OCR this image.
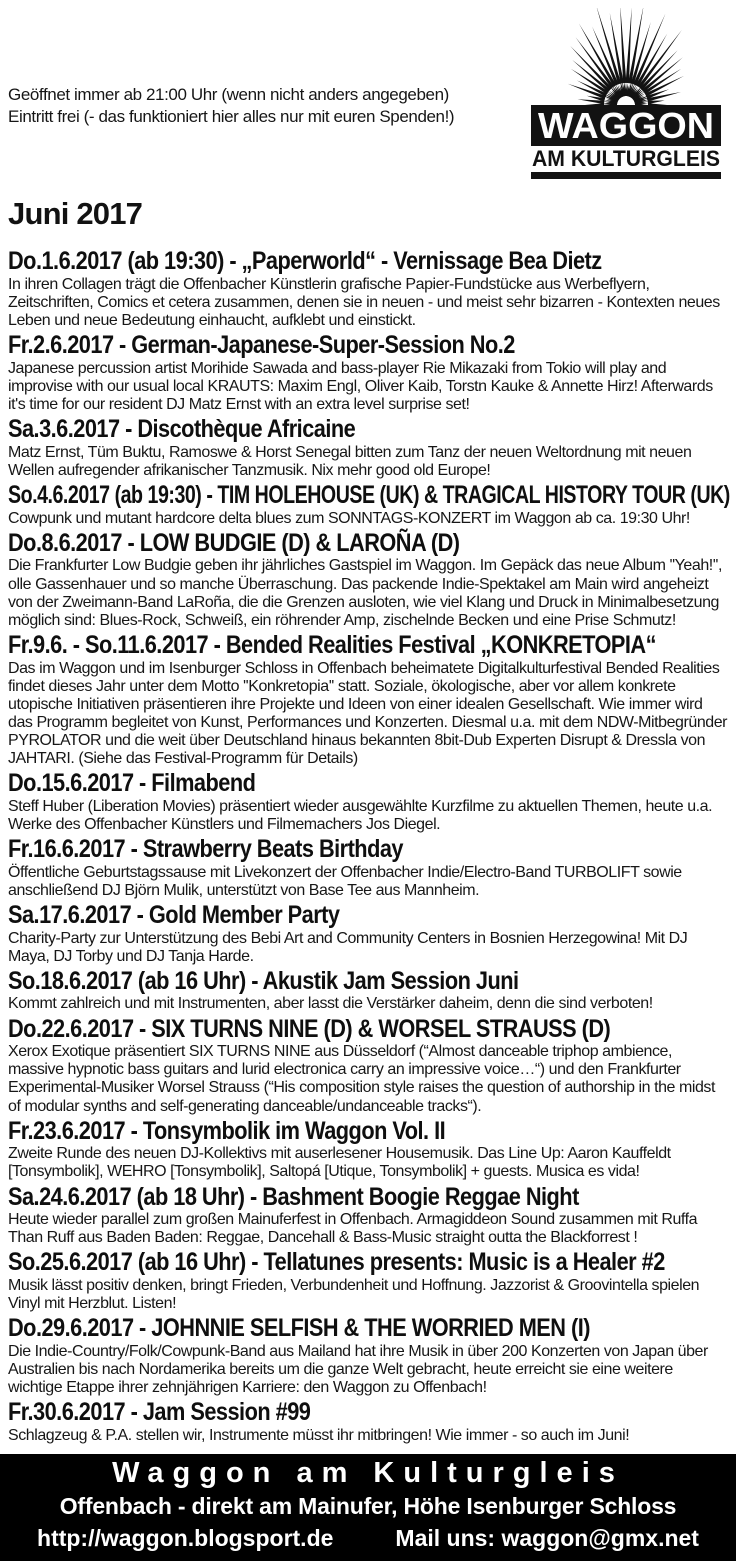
Geöffnet immer ab 21:00 Uhr (wenn nicht anders angegeben)
Eintritt frei (- das funktioniert hier alles nur mit euren Spenden!) WAGGON
AM KULTURGLEIS
Juni 2017
Do.1.6.2017 (ab 19:30) - „Paperworld“ - Vernissage Bea Dietz

In ihren Collagen trägt die Offenbacher Künstlerin grafische Papier-Fundstücke aus Werbeflyern, Zeitschriften, Comics et cetera zusammen, denen sie in neuen - und meist sehr bizarren - Kontexten neues Leben und neue Bedeutung einhaucht, aufklebt und einstickt.

Fr.2.6.2017 - German-Japanese-Super-Session No.2

Japanese percussion artist Morihide Sawada and bass-player Rie Mikazaki from Tokio will play and improvise with our usual local KRAUTS: Maxim Engl, Oliver Kaib, Torstn Kauke & Annette Hirz! Afterwards it's time for our resident DJ Matz Ernst with an extra level surprise set!

Sa.3.6.2017 - Discothèque Africaine

Matz Ernst, Tüm Buktu, Ramoswe & Horst Senegal bitten zum Tanz der neuen Weltordnung mit neuen Wellen aufregender afrikanischer Tanzmusik. Nix mehr good old Europe!

So.4.6.2017 (ab 19:30) - TIM HOLEHOUSE (UK) & TRAGICAL HISTORY TOUR (UK)

Cowpunk und mutant hardcore delta blues zum SONNTAGS-KONZERT im Waggon ab ca. 19:30 Uhr!

Do.8.6.2017 - LOW BUDGIE (D) & LAROÑA (D)

Die Frankfurter Low Budgie geben ihr jährliches Gastspiel im Waggon. Im Gepäck das neue Album ''Yeah!'', olle Gassenhauer und so manche Überraschung. Das packende Indie-Spektakel am Main wird angeheizt von der Zweimann-Band LaRoña, die die Grenzen ausloten, wie viel Klang und Druck in Minimalbesetzung möglich sind: Blues-Rock, Schweiß, ein röhrender Amp, zischelnde Becken und eine Prise Schmutz!

Fr.9.6. - So.11.6.2017 - Bended Realities Festival „KONKRETOPIA“

Das im Waggon und im Isenburger Schloss in Offenbach beheimatete Digitalkulturfestival Bended Realities findet dieses Jahr unter dem Motto ''Konkretopia'' statt. Soziale, ökologische, aber vor allem konkrete utopische Initiativen präsentieren ihre Projekte und Ideen von einer idealen Gesellschaft. Wie immer wird das Programm begleitet von Kunst, Performances und Konzerten. Diesmal u.a. mit dem NDW-Mitbegründer PYROLATOR und die weit über Deutschland hinaus bekannten 8bit-Dub Experten Disrupt & Dressla von JAHTARI. (Siehe das Festival-Programm für Details)

Do.15.6.2017 - Filmabend

Steff Huber (Liberation Movies) präsentiert wieder ausgewählte Kurzfilme zu aktuellen Themen, heute u.a. Werke des Offenbacher Künstlers und Filmemachers Jos Diegel.

Fr.16.6.2017 - Strawberry Beats Birthday

Öffentliche Geburtstagssause mit Livekonzert der Offenbacher Indie/Electro-Band TURBOLIFT sowie anschließend DJ Björn Mulik, unterstützt von Base Tee aus Mannheim.

Sa.17.6.2017 - Gold Member Party

Charity-Party zur Unterstützung des Bebi Art and Community Centers in Bosnien Herzegowina! Mit DJ Maya, DJ Torby und DJ Tanja Harde.

So.18.6.2017 (ab 16 Uhr) - Akustik Jam Session Juni

Kommt zahlreich und mit Instrumenten, aber lasst die Verstärker daheim, denn die sind verboten!

Do.22.6.2017 - SIX TURNS NINE (D) & WORSEL STRAUSS (D)

Xerox Exotique präsentiert SIX TURNS NINE aus Düsseldorf (“Almost danceable triphop ambience, massive hypnotic bass guitars and lurid electronica carry an impressive voice…“) und den Frankfurter Experimental-Musiker Worsel Strauss (“His composition style raises the question of authorship in the midst of modular synths and self-generating danceable/undanceable tracks“).

Fr.23.6.2017 - Tonsymbolik im Waggon Vol. II

Zweite Runde des neuen DJ-Kollektivs mit auserlesener Housemusik. Das Line Up: Aaron Kauffeldt [Tonsymbolik], WEHRO [Tonsymbolik], Saltopá [Utique, Tonsymbolik] + guests. Musica es vida!

Sa.24.6.2017 (ab 18 Uhr) - Bashment Boogie Reggae Night

Heute wieder parallel zum großen Mainuferfest in Offenbach. Armagiddeon Sound zusammen mit Ruffa Than Ruff aus Baden Baden: Reggae, Dancehall & Bass-Music straight outta the Blackforrest !

So.25.6.2017 (ab 16 Uhr) - Tellatunes presents: Music is a Healer #2

Musik lässt positiv denken, bringt Frieden, Verbundenheit und Hoffnung. Jazzorist & Groovintella spielen Vinyl mit Herzblut. Listen!

Do.29.6.2017 - JOHNNIE SELFISH & THE WORRIED MEN (I)

Die Indie-Country/Folk/Cowpunk-Band aus Mailand hat ihre Musik in über 200 Konzerten von Japan über Australien bis nach Nordamerika bereits um die ganze Welt gebracht, heute erreicht sie eine weitere wichtige Etappe ihrer zehnjährigen Karriere: den Waggon zu Offenbach!

Fr.30.6.2017 - Jam Session #99

Schlagzeug & P.A. stellen wir, Instrumente müsst ihr mitbringen! Wie immer - so auch im Juni!

Waggon am Kulturgleis
Offenbach - direkt am Mainufer, Höhe Isenburger Schloss
http://waggon.blogsport.de	Mail uns: waggon@gmx.net
